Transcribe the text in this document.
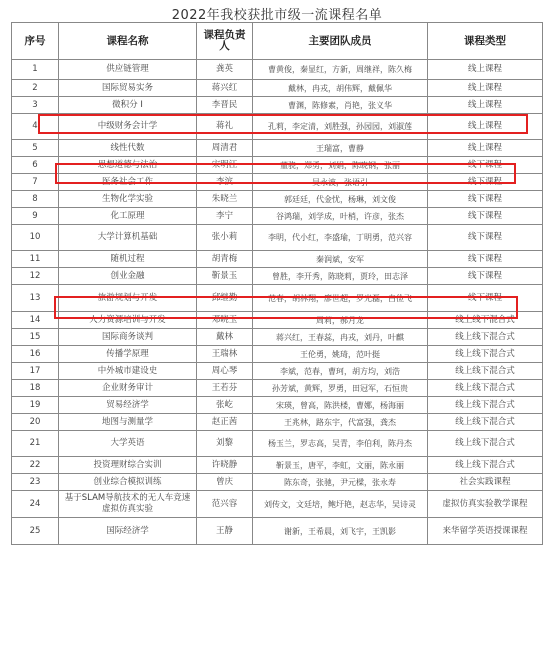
2022年我校获批市级一流课程名单
序号	课程名称	课程负责人	主要团队成员	课程类型
1	供应链管理	龚英	曹黄俊，秦显红，方新，周继祥，陈久梅	线上课程
2	国际贸易实务	蒋兴红	戴林，冉戎，胡伟辉，戴佩华	线上课程
3	微积分 I	李晋民	曹渊，陈修素，肖艳，张义华	线上课程
4	中级财务会计学	蒋礼	孔莉，李定清，刘胜强，孙园园，刘淑莲	线上课程
5	线性代数	周清君	王瑞富，曹静	线上课程
6	思想道德与法治	宋明江	董骁，郑勇，刘娟，陈晓钢，张丽	线下课程
7	医务社会工作	李滨	吴永波，张语引	线下课程
8	生物化学实验	朱晓兰	郭廷廷，代金忧，杨琳，刘文俊	线下课程
9	化工原理	李宁	谷鸿瑞，刘学成，叶梢，许彦，张杰	线下课程
10	大学计算机基础	张小莉	李明，代小红，李盛瑜，丁明勇，范兴容	线下课程
11	随机过程	胡青梅	秦润斌，安军	线下课程
12	创业金融	靳景玉	曾胜，李开秀，陈晓莉，贾玲，田志泽	线下课程
13	旅游规划与开发	邱继勤	范春，胡林翔，廖世超，罗光磊，白俭飞	线下课程
14	人力资源培训与开发	邓晓玉	周莉，郝月龙	线上线下混合式
15	国际商务谈判	戴林	蒋兴红，王春蕊，冉戎，刘丹，叶麒	线上线下混合式
16	传播学原理	王瑞林	王伦勇，姚琦，范叶挺	线上线下混合式
17	中外城市建设史	周心琴	李斌，范春，曹珂，胡方均，刘浩	线上线下混合式
18	企业财务审计	王若芬	孙芳斌，黄辉，罗勇，田冠军，石恒贵	线上线下混合式
19	贸易经济学	张屹	宋瑛，曾高，陈洪楼，曹娜，杨海丽	线上线下混合式
20	地图与测量学	赵正茜	王兆林，路东宇，代富强，龚杰	线上线下混合式
21	大学英语	刘黎	杨玉兰，罗志高，吴青，李伯利，陈丹杰	线上线下混合式
22	投资理财综合实训	许晓静	靳景玉，唐平，李虹，文丽，陈永丽	线上线下混合式
23	创业综合模拟训练	曾庆	陈东奇，张驰，尹元樑，张永寿	社会实践课程
24	基于SLAM导航技术的无人车竞速虚拟仿真实验	范兴容	刘传文，文廷培，鲍圩艳，赵志华，吴诗灵	虚拟仿真实验教学课程
25	国际经济学	王静	谢新，王希晨，刘飞宇，王凯影	来华留学英语授课课程
